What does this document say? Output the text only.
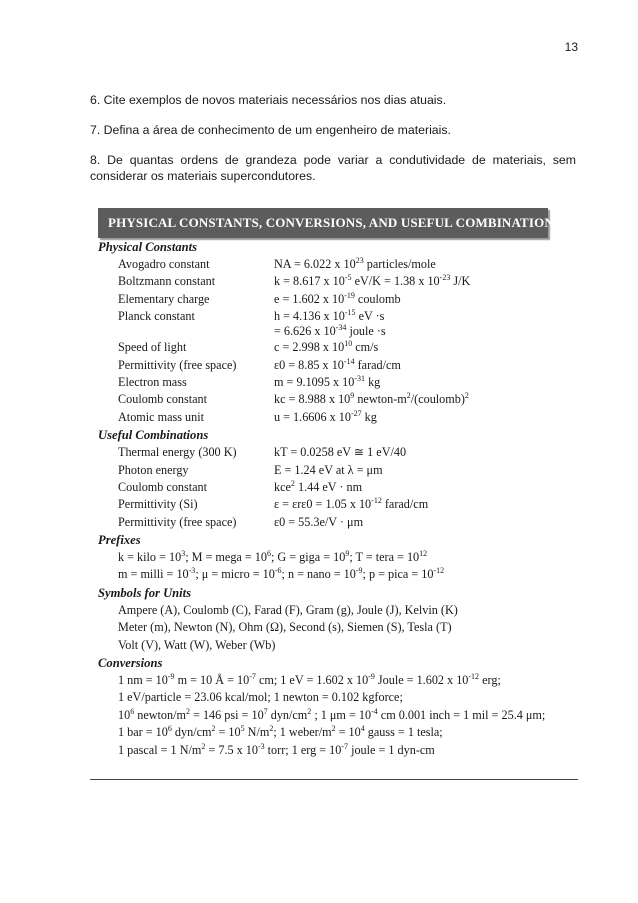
13

6. Cite exemplos de novos materiais necessários nos dias atuais.

7. Defina a área de conhecimento de um engenheiro de materiais.

8. De quantas ordens de grandeza pode variar a condutividade de materiais, sem considerar os materiais supercondutores.

PHYSICAL CONSTANTS, CONVERSIONS, AND USEFUL COMBINATIONS
Physical Constants
Avogadro constant	NA = 6.022 x $10^{23}$ particles/mole
Boltzmann constant	k = 8.617 x $10^{-5}$ eV/K = 1.38 x $10^{-23}$ J/K
Elementary charge	e = 1.602 x $10^{-19}$ coulomb
Planck constant	h = 4.136 x $10^{-15}$ eV ·s
= 6.626 x $10^{-34}$ joule ·s
Speed of light	c = 2.998 x $10^{10}$ cm/s
Permittivity (free space)	ε0 = 8.85 x $10^{-14}$ farad/cm
Electron mass	m = 9.1095 x $10^{-31}$ kg
Coulomb constant	kc = 8.988 x $10^9$ newton-$m^2/(coulomb)^2$
Atomic mass unit	u = 1.6606 x $10^{-27}$ kg
Useful Combinations
Thermal energy (300 K)	kT = 0.0258 eV ≅ 1 eV/40
Photon energy	E = 1.24 eV at λ = μm
Coulomb constant	kce$^2$ 1.44 eV · nm
Permittivity (Si)	ε = εrε0 = 1.05 x $10^{-12}$ farad/cm
Permittivity (free space)	ε0 = 55.3e/V · μm
Prefixes
k = kilo = $10^3$; M = mega = $10^6$; G = giga = $10^9$; T = tera = $10^{12}$
m = milli = $10^{-3}$; μ = micro = $10^{-6}$; n = nano = $10^{-9}$; p = pica = $10^{-12}$
Symbols for Units
Ampere (A), Coulomb (C), Farad (F), Gram (g), Joule (J), Kelvin (K)
Meter (m), Newton (N), Ohm (Ω), Second (s), Siemen (S), Tesla (T)
Volt (V), Watt (W), Weber (Wb)
Conversions
1 nm = $10^{-9}$ m = 10 Å = $10^{-7}$ cm; 1 eV = 1.602 x $10^{-9}$ Joule = 1.602 x $10^{-12}$ erg;
1 eV/particle = 23.06 kcal/mol; 1 newton = 0.102 kgforce;
$10^6$ newton/$m^2 = 146$ psi = $10^7$ dyn/$cm^2$ ; 1 $\mu m = 10^{-4}$ cm 0.001 inch = 1 mil = 25.4 μm;
1 bar = $10^6$ dyn/$cm^2 = 10^5$ $N/m^2$; 1 weber/$m^2 = 10^4$ gauss = 1 tesla;
1 pascal = 1 $N/m^2 = 7.5$ x $10^{-3}$ torr; 1 erg = $10^{-7}$ joule = 1 dyn-cm
